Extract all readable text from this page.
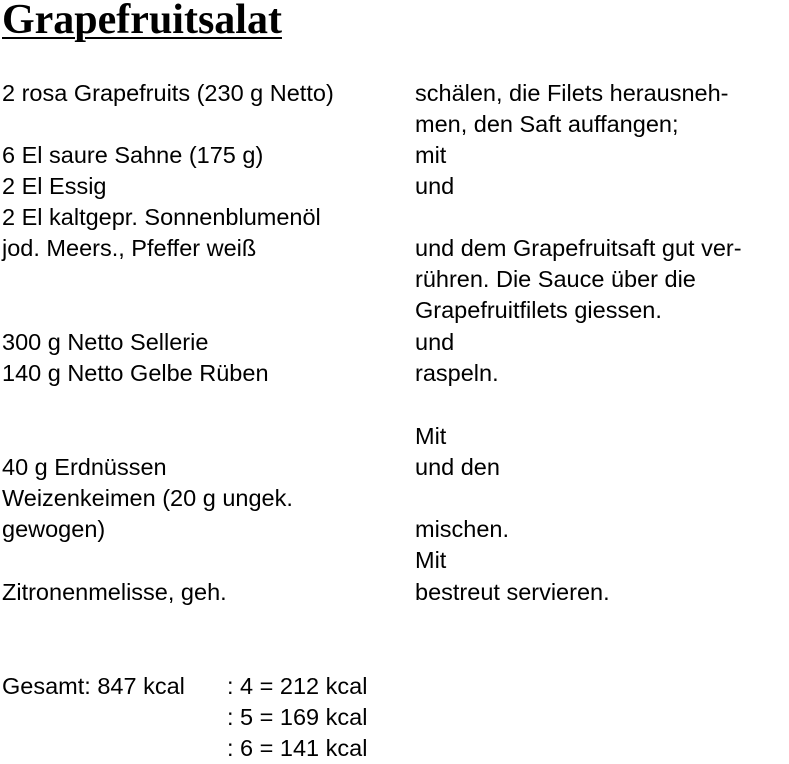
Grapefruitsalat

2 rosa Grapefruits (230 g Netto)

6 El saure Sahne (175 g)

2 El Essig

2 El kaltgepr. Sonnenblumenöl

jod. Meers., Pfeffer weiß

300 g Netto Sellerie

140 g Netto Gelbe Rüben

40 g Erdnüssen

Weizenkeimen (20 g ungek.

gewogen)

Zitronenmelisse, geh.

schälen, die Filets herausneh-

men, den Saft auffangen;

mit

und

und dem Grapefruitsaft gut ver-

rühren. Die Sauce über die

Grapefruitfilets giessen.

und

raspeln.

Mit

und den

mischen.

Mit

bestreut servieren.

Gesamt: 847 kcal : 4 = 212 kcal

: 5 = 169 kcal

: 6 = 141 kcal
